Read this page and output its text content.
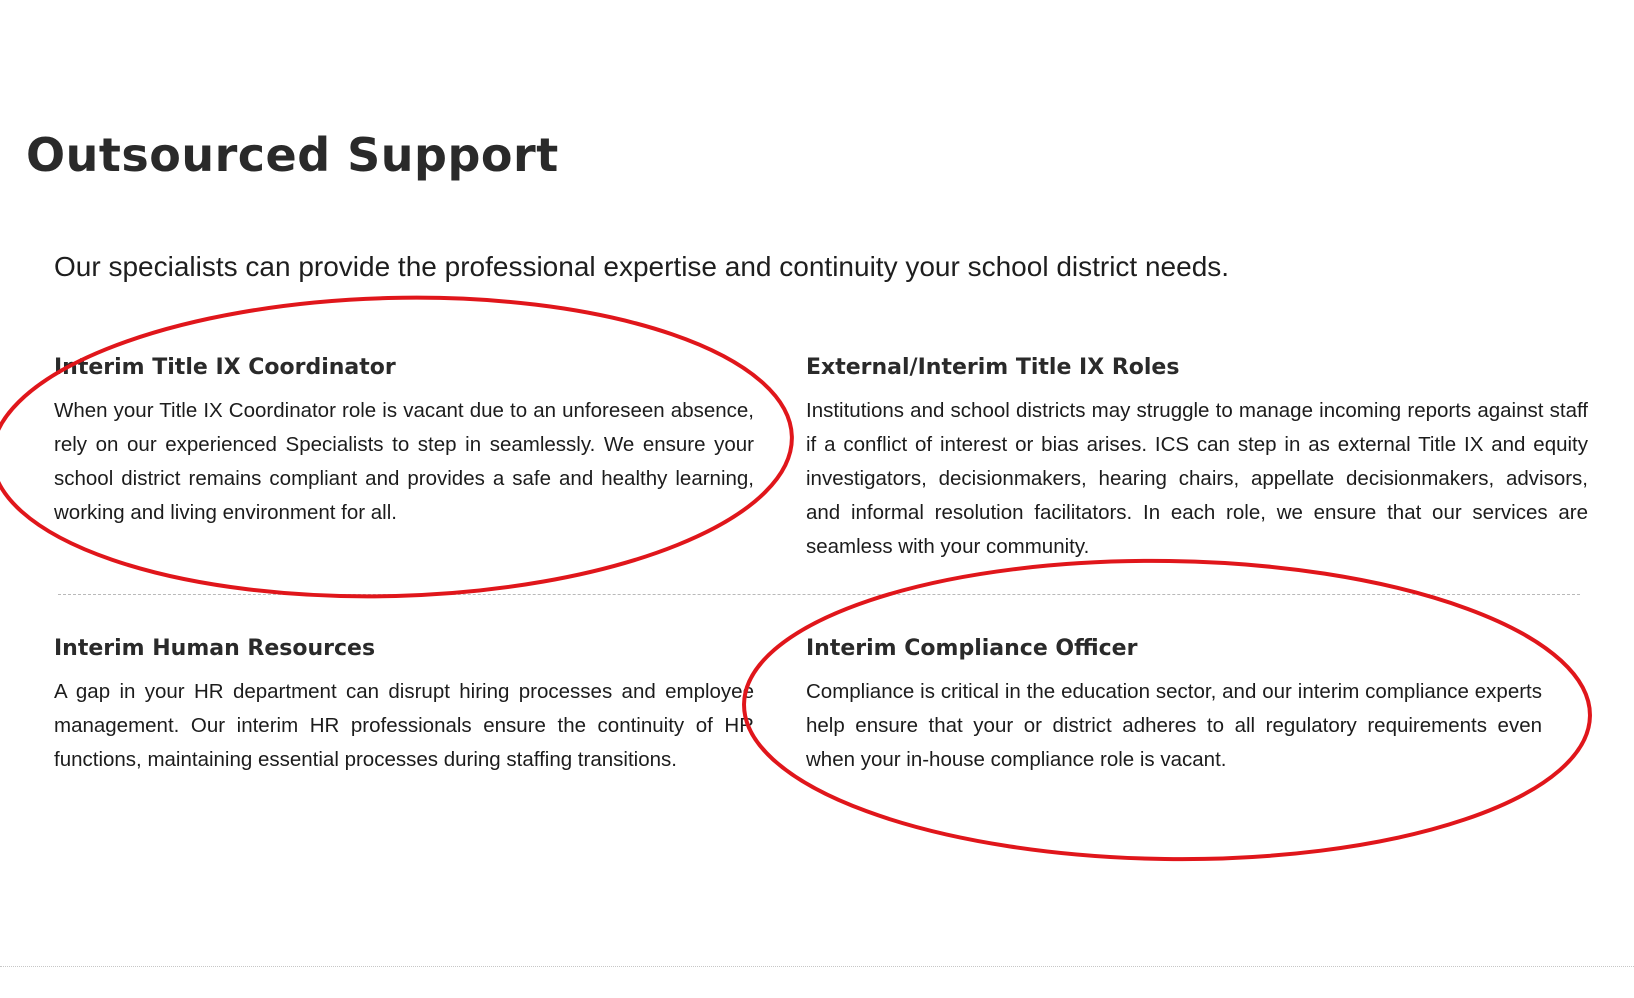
Outsourced Support

Our specialists can provide the professional expertise and continuity your school district needs.

Interim Title IX Coordinator

When your Title IX Coordinator role is vacant due to an unforeseen absence, rely on our experienced Specialists to step in seamlessly. We ensure your school district remains compliant and provides a safe and healthy learning, working and living environment for all.

External/Interim Title IX Roles

Institutions and school districts may struggle to manage incoming reports against staff if a conflict of interest or bias arises. ICS can step in as external Title IX and equity investigators, decisionmakers, hearing chairs, appellate decisionmakers, advisors, and informal resolution facilitators. In each role, we ensure that our services are seamless with your community.

Interim Human Resources

A gap in your HR department can disrupt hiring processes and employee management. Our interim HR professionals ensure the continuity of HR functions, maintaining essential processes during staffing transitions.

Interim Compliance Officer

Compliance is critical in the education sector, and our interim compliance experts help ensure that your or district adheres to all regulatory requirements even when your in-house compliance role is vacant.
